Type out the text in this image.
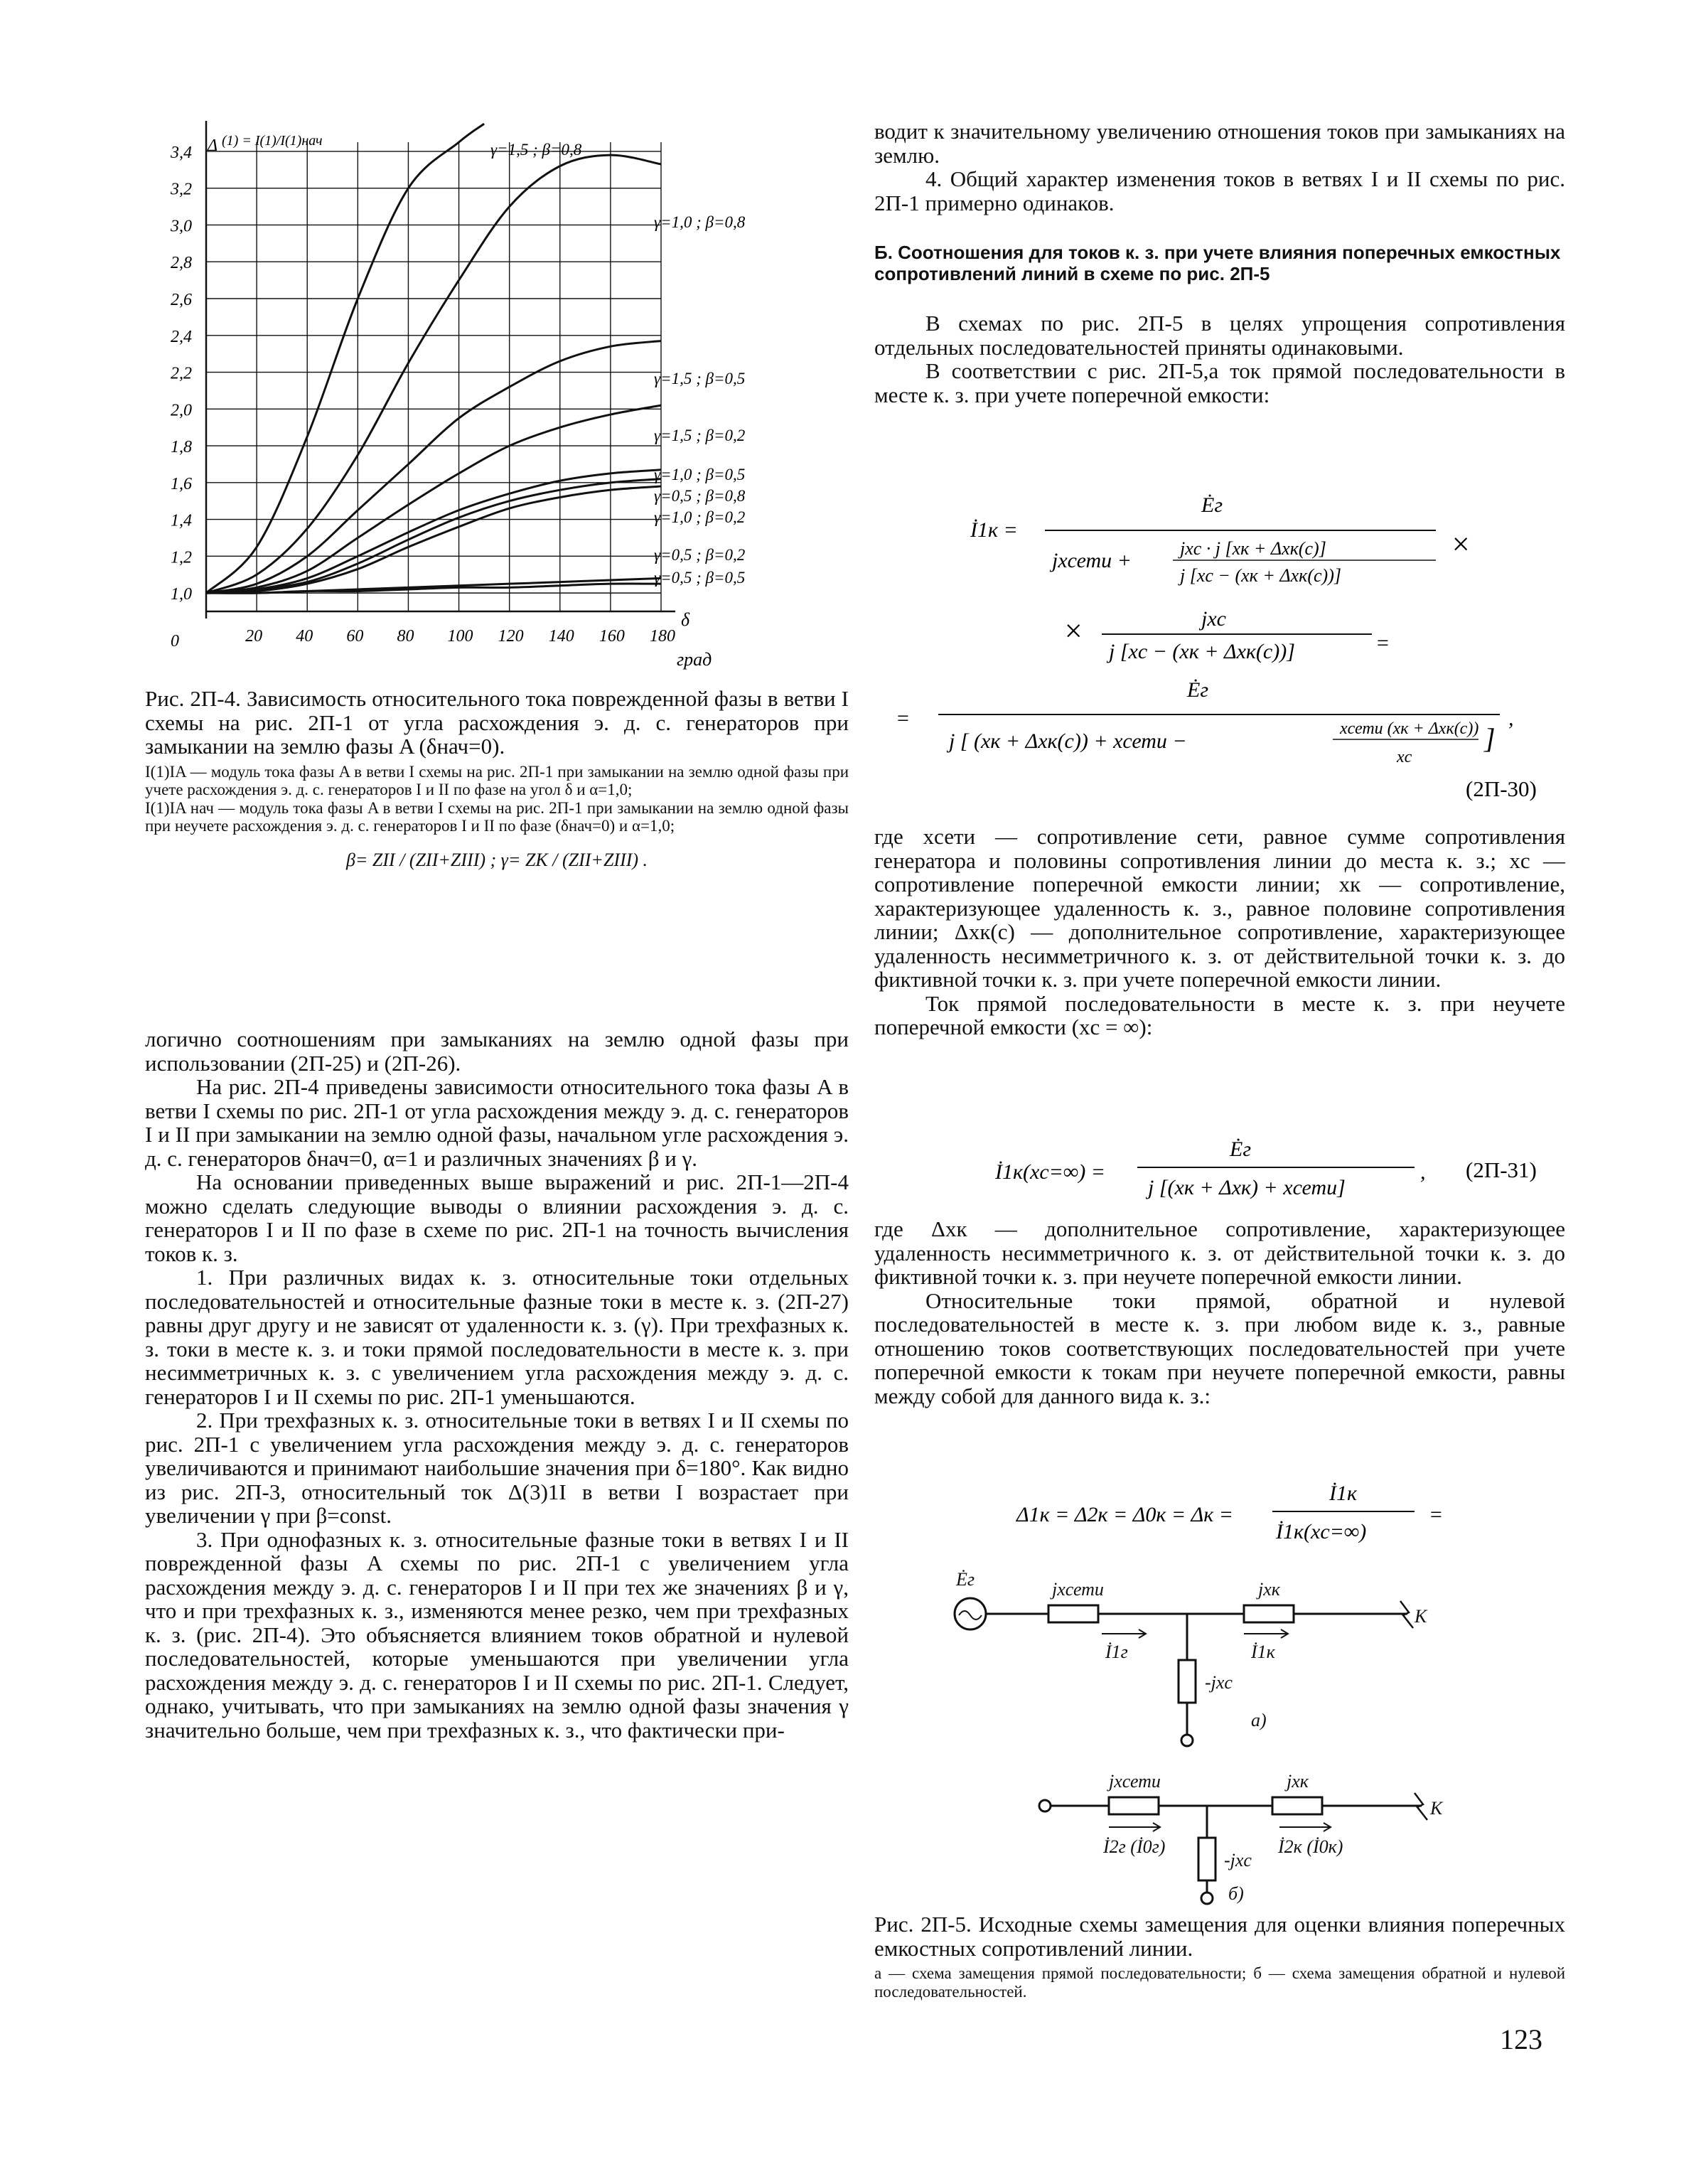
0
1,0
1,2
1,4
1,6
1,8
2,0
2,2
2,4
2,6
2,8
3,0
3,2
3,4
20 40 60 80 100 120 140 160 180
γ=1,5 ; β=0,8
γ=1,0 ; β=0,8
γ=1,5 ; β=0,5
γ=1,5 ; β=0,2
γ=1,0 ; β=0,5
γ=0,5 ; β=0,8
γ=1,0 ; β=0,2
γ=0,5 ; β=0,2
γ=0,5 ; β=0,5
Δ (1) = I(1)/I(1)нач
δ
град

Рис. 2П-4. Зависимость относительного тока поврежденной фазы в ветви I схемы на рис. 2П-1 от угла расхождения э. д. с. генераторов при замыкании на землю фазы A (δнач=0).

I(1)IA — модуль тока фазы A в ветви I схемы на рис. 2П-1 при замыкании на землю одной фазы при учете расхождения э. д. с. генераторов I и II по фазе на угол δ и α=1,0;

I(1)IA нач — модуль тока фазы A в ветви I схемы на рис. 2П-1 при замыкании на землю одной фазы при неучете расхождения э. д. с. генераторов I и II по фазе (δнач=0) и α=1,0;

β= ZII / (ZII+ZIII) ; γ= ZK / (ZII+ZIII) .

логично соотношениям при замыканиях на землю одной фазы при использовании (2П-25) и (2П-26).

На рис. 2П-4 приведены зависимости относительного тока фазы A в ветви I схемы по рис. 2П-1 от угла расхождения между э. д. с. генераторов I и II при замыкании на землю одной фазы, начальном угле расхождения э. д. с. генераторов δнач=0, α=1 и различных значениях β и γ.

На основании приведенных выше выражений и рис. 2П-1—2П-4 можно сделать следующие выводы о влиянии расхождения э. д. с. генераторов I и II по фазе в схеме по рис. 2П-1 на точность вычисления токов к. з.

1. При различных видах к. з. относительные токи отдельных последовательностей и относительные фазные токи в месте к. з. (2П-27) равны друг другу и не зависят от удаленности к. з. (γ). При трехфазных к. з. токи в месте к. з. и токи прямой последовательности в месте к. з. при несимметричных к. з. с увеличением угла расхождения между э. д. с. генераторов I и II схемы по рис. 2П-1 уменьшаются.

2. При трехфазных к. з. относительные токи в ветвях I и II схемы по рис. 2П-1 с увеличением угла расхождения между э. д. с. генераторов увеличиваются и принимают наибольшие значения при δ=180°. Как видно из рис. 2П-3, относительный ток Δ(3)1I в ветви I возрастает при увеличении γ при β=const.

3. При однофазных к. з. относительные фазные токи в ветвях I и II поврежденной фазы A схемы по рис. 2П-1 с увеличением угла расхождения между э. д. с. генераторов I и II при тех же значениях β и γ, что и при трехфазных к. з., изменяются менее резко, чем при трехфазных к. з. (рис. 2П-4). Это объясняется влиянием токов обратной и нулевой последовательностей, которые уменьшаются при увеличении угла расхождения между э. д. с. генераторов I и II схемы по рис. 2П-1. Следует, однако, учитывать, что при замыканиях на землю одной фазы значения γ значительно больше, чем при трехфазных к. з., что фактически при-

водит к значительному увеличению отношения токов при замыканиях на землю.

4. Общий характер изменения токов в ветвях I и II схемы по рис. 2П-1 примерно одинаков.

Б. Соотношения для токов к. з. при учете влияния поперечных емкостных сопротивлений линий в схеме по рис. 2П-5

В схемах по рис. 2П-5 в целях упрощения сопротивления отдельных последовательностей приняты одинаковыми.

В соответствии с рис. 2П-5,а ток прямой последовательности в месте к. з. при учете поперечной емкости:

İ1к =
Ėг
jxсети +
jxс · j [xк + Δxк(с)]
j [xс − (xк + Δxк(с))]
×
×	jxс
j [xс − (xк + Δxк(с))]	=
=
Ėг
j [ (xк + Δxк(с)) + xсети −
xсети (xк + Δxк(с))
xс
]
,
(2П-30)

где xсети — сопротивление сети, равное сумме сопротивления генератора и половины сопротивления линии до места к. з.; xс — сопротивление поперечной емкости линии; xк — сопротивление, характеризующее удаленность к. з., равное половине сопротивления линии; Δxк(с) — дополнительное сопротивление, характеризующее удаленность несимметричного к. з. от действительной точки к. з. до фиктивной точки к. з. при учете поперечной емкости линии.

Ток прямой последовательности в месте к. з. при неучете поперечной емкости (xс = ∞):

İ1к(xс=∞) =
Ėг
j [(xк + Δxк) + xсети]
, (2П-31)

где Δxк — дополнительное сопротивление, характеризующее удаленность несимметричного к. з. от действительной точки к. з. до фиктивной точки к. з. при неучете поперечной емкости линии.

Относительные токи прямой, обратной и нулевой последовательностей в месте к. з. при любом виде к. з., равные отношению токов соответствующих последовательностей при учете поперечной емкости к токам при неучете поперечной емкости, равны между собой для данного вида к. з.:

Δ1к = Δ2к = Δ0к = Δк =
İ1к
İ1к(xс=∞)
=
Ėг	jxсети	jxк
İ1г	İ1к
-jxс
К
а)
jxсети	jxк
İ2г (İ0г)	İ2к (İ0к)
-jxс
К
б)

Рис. 2П-5. Исходные схемы замещения для оценки влияния поперечных емкостных сопротивлений линии.

а — схема замещения прямой последовательности; б — схема замещения обратной и нулевой последовательностей.

123
